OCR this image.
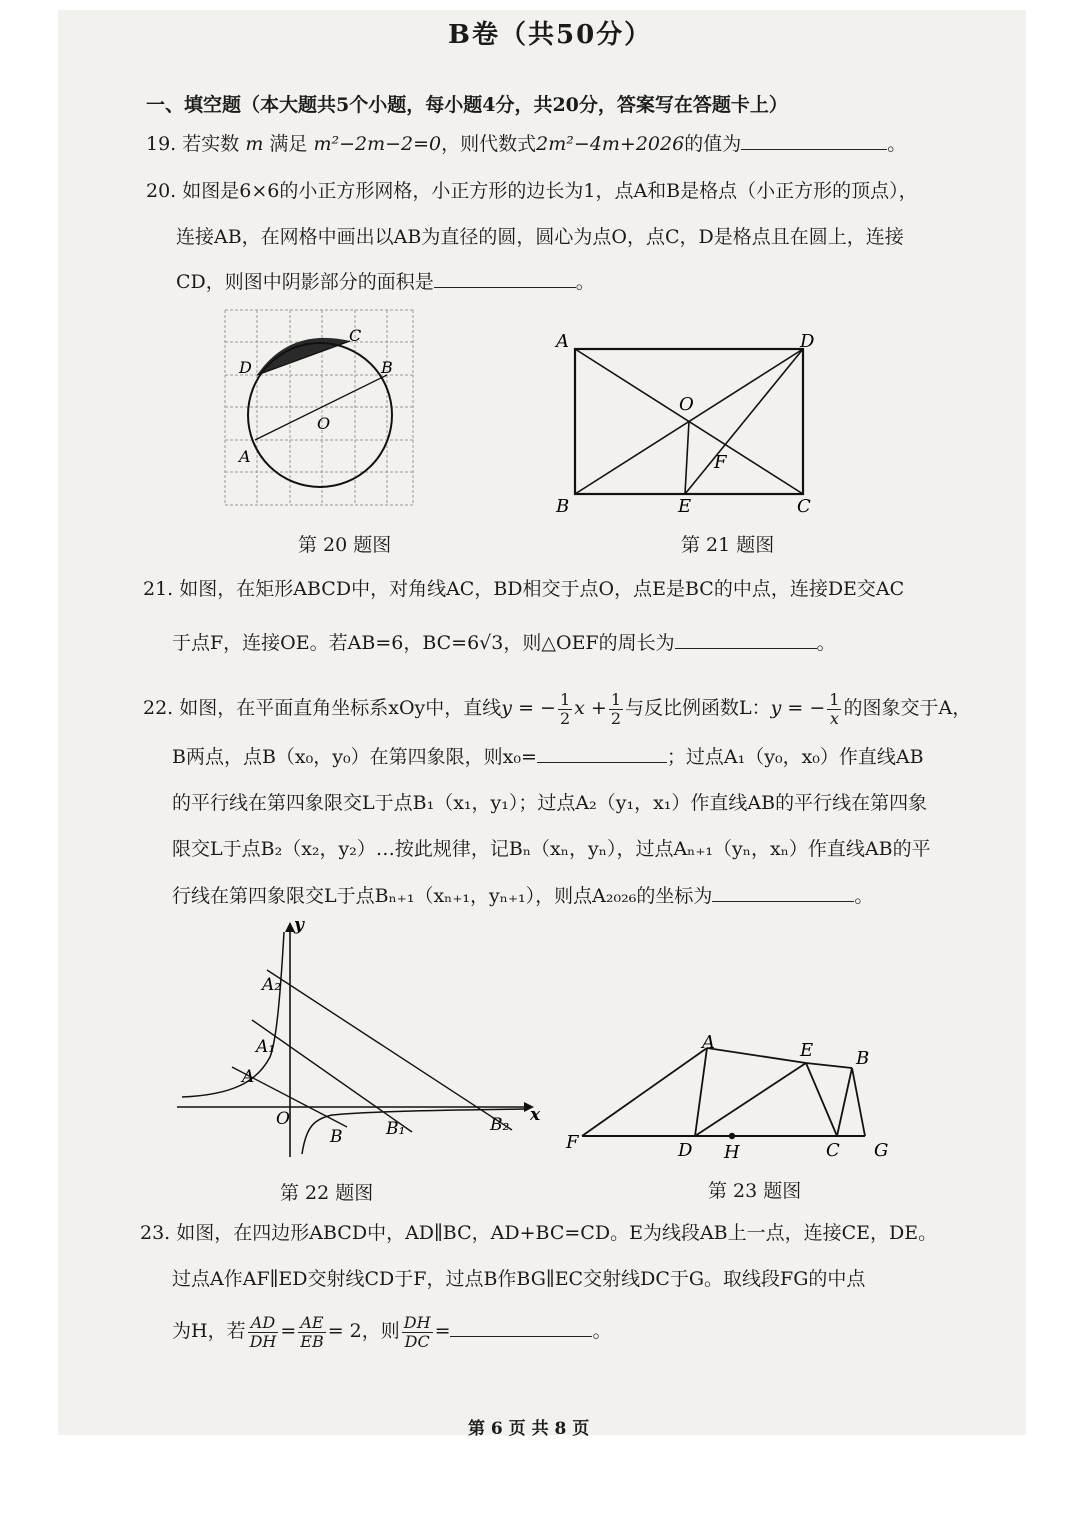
B卷（共50分）
一、填空题（本大题共5个小题，每小题4分，共20分，答案写在答题卡上）
19. 若实数 m 满足 m²−2m−2=0，则代数式2m²−4m+2026的值为	。
20. 如图是6×6的小正方形网格，小正方形的边长为1，点A和B是格点（小正方形的顶点），
连接AB，在网格中画出以AB为直径的圆，圆心为点O，点C，D是格点且在圆上，连接
CD，则图中阴影部分的面积是	。
C
D	B
O
A
第 20 题图
A	D
O
F
B	E	C
第 21 题图
21. 如图，在矩形ABCD中，对角线AC，BD相交于点O，点E是BC的中点，连接DE交AC
于点F，连接OE。若AB=6，BC=6√3，则△OEF的周长为	。
22. 如图，在平面直角坐标系xOy中，直线y = − $\frac{1}{2}$ $x + \frac{1}{2}$ 与反比例函数L：y = − $\frac{1}{x}$ 的图象交于A，
B两点，点B（x₀，y₀）在第四象限，则x₀=	；过点A₁（y₀，x₀）作直线AB
的平行线在第四象限交L于点B₁（x₁，y₁）；过点A₂（y₁，x₁）作直线AB的平行线在第四象
限交L于点B₂（x₂，y₂）…按此规律，记Bₙ（xₙ，yₙ），过点Aₙ₊₁（yₙ，xₙ）作直线AB的平
行线在第四象限交L于点Bₙ₊₁（xₙ₊₁，yₙ₊₁），则点A₂₀₂₆的坐标为	。
y
x
O
A
A₁
A₂
B	B₁	B₂
第 22 题图
A	E B
F	D H	C G
第 23 题图
23. 如图，在四边形ABCD中，AD∥BC，AD+BC=CD。E为线段AB上一点，连接CE，DE。
过点A作AF∥ED交射线CD于F，过点B作BG∥EC交射线DC于G。取线段FG的中点
为H，若 $\frac{AD}{DH} = \frac{AE}{EB} = 2$，则 $\frac{DH}{DC}$ =	。
第 6 页 共 8 页
